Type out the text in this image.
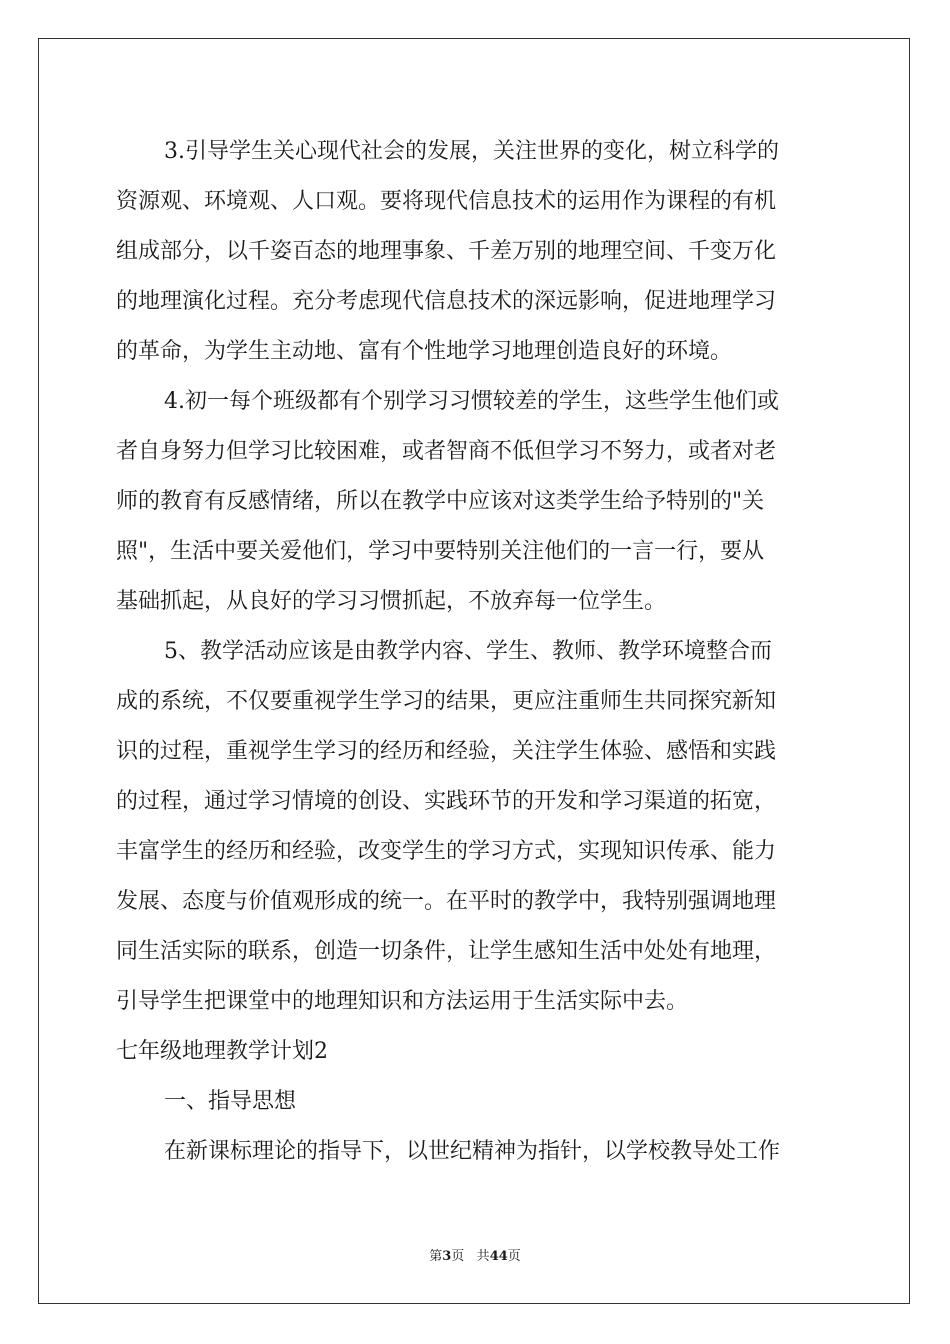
3.引导学生关心现代社会的发展，关注世界的变化，树立科学的
资源观、环境观、人口观。要将现代信息技术的运用作为课程的有机
组成部分，以千姿百态的地理事象、千差万别的地理空间、千变万化
的地理演化过程。充分考虑现代信息技术的深远影响，促进地理学习
的革命，为学生主动地、富有个性地学习地理创造良好的环境。
4.初一每个班级都有个别学习习惯较差的学生，这些学生他们或
者自身努力但学习比较困难，或者智商不低但学习不努力，或者对老
师的教育有反感情绪，所以在教学中应该对这类学生给予特别的"关
照"，生活中要关爱他们，学习中要特别关注他们的一言一行，要从
基础抓起，从良好的学习习惯抓起，不放弃每一位学生。
5、教学活动应该是由教学内容、学生、教师、教学环境整合而
成的系统，不仅要重视学生学习的结果，更应注重师生共同探究新知
识的过程，重视学生学习的经历和经验，关注学生体验、感悟和实践
的过程，通过学习情境的创设、实践环节的开发和学习渠道的拓宽，
丰富学生的经历和经验，改变学生的学习方式，实现知识传承、能力
发展、态度与价值观形成的统一。在平时的教学中，我特别强调地理
同生活实际的联系，创造一切条件，让学生感知生活中处处有地理，
引导学生把课堂中的地理知识和方法运用于生活实际中去。
七年级地理教学计划2
一、指导思想
在新课标理论的指导下，以世纪精神为指针，以学校教导处工作
第3页 共44页
